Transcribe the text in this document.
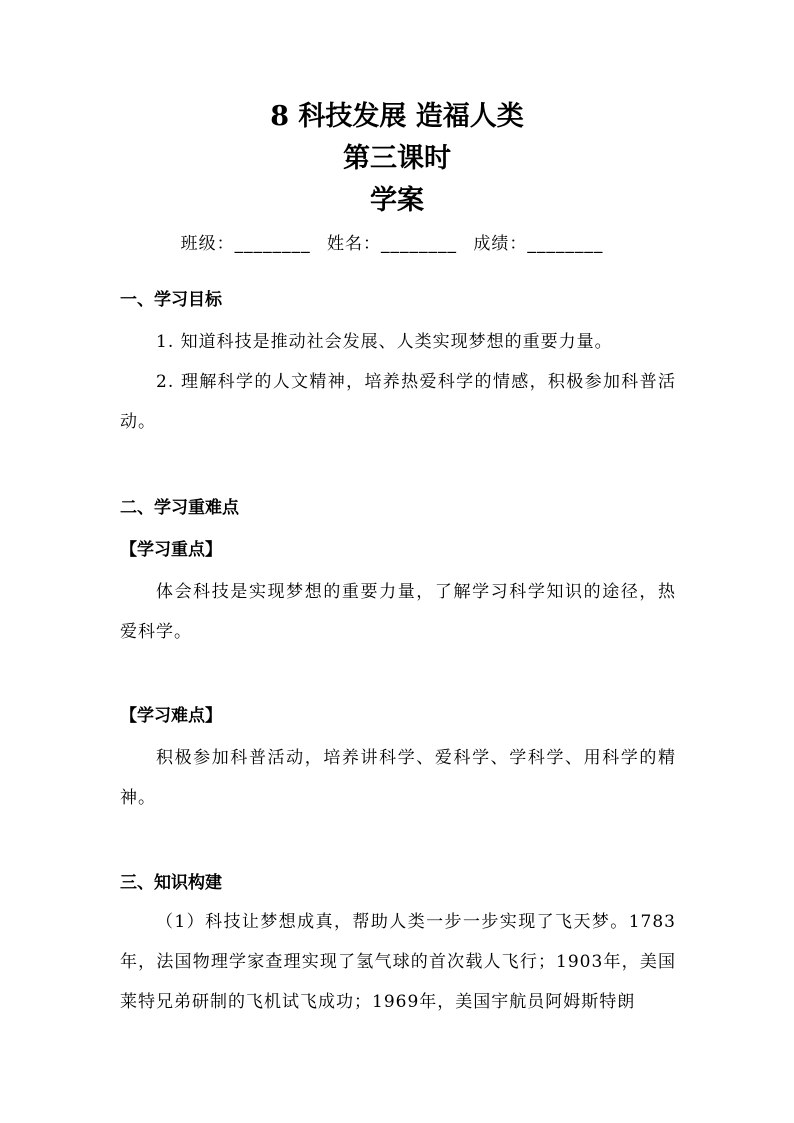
8 科技发展 造福人类
第三课时
学案
班级：________ 姓名：________ 成绩：________
一、学习目标
1. 知道科技是推动社会发展、人类实现梦想的重要力量。
2. 理解科学的人文精神，培养热爱科学的情感，积极参加科普活动。
二、学习重难点
【学习重点】
体会科技是实现梦想的重要力量，了解学习科学知识的途径，热爱科学。
【学习难点】
积极参加科普活动，培养讲科学、爱科学、学科学、用科学的精神。
三、知识构建
（1）科技让梦想成真，帮助人类一步一步实现了飞天梦。1783年，法国物理学家查理实现了氢气球的首次载人飞行；1903年，美国莱特兄弟研制的飞机试飞成功；1969年，美国宇航员阿姆斯特朗
